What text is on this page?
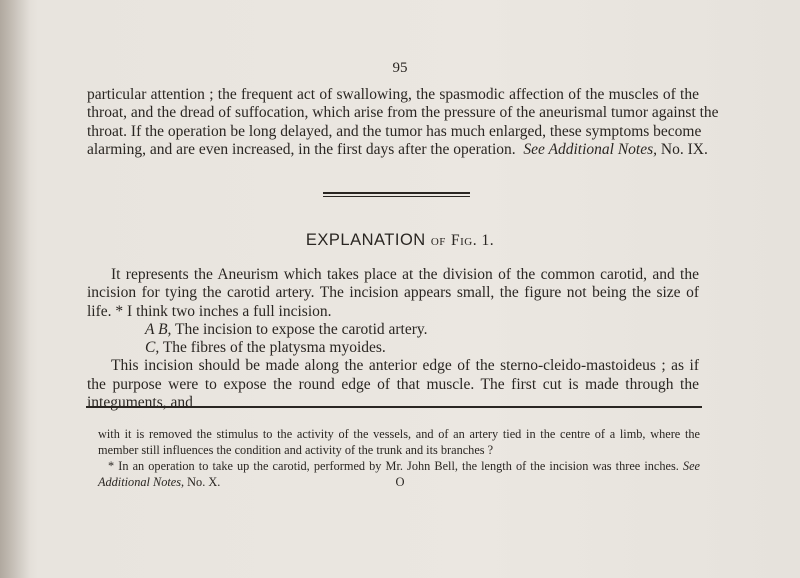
95
particular attention ; the frequent act of swallowing, the spasmodic affection of the muscles of the
throat, and the dread of suffocation, which arise from the pressure of the aneurismal tumor against the
throat. If the operation be long delayed, and the tumor has much enlarged, these symptoms become
alarming, and are even increased, in the first days after the operation. See Additional Notes, No. IX.
EXPLANATION of Fig. 1.
It represents the Aneurism which takes place at the division of the common carotid, and the incision for tying the carotid artery. The incision appears small, the figure not being the size of life. * I think two inches a full incision.
A B, The incision to expose the carotid artery.
C, The fibres of the platysma myoides.
This incision should be made along the anterior edge of the sterno-cleido-mastoideus ; as if the purpose were to expose the round edge of that muscle. The first cut is made through the integuments, and
with it is removed the stimulus to the activity of the vessels, and of an artery tied in the centre of a limb, where the member still influences the condition and activity of the trunk and its branches ?
* In an operation to take up the carotid, performed by Mr. John Bell, the length of the incision was three inches. See Additional Notes, No. X.	O
